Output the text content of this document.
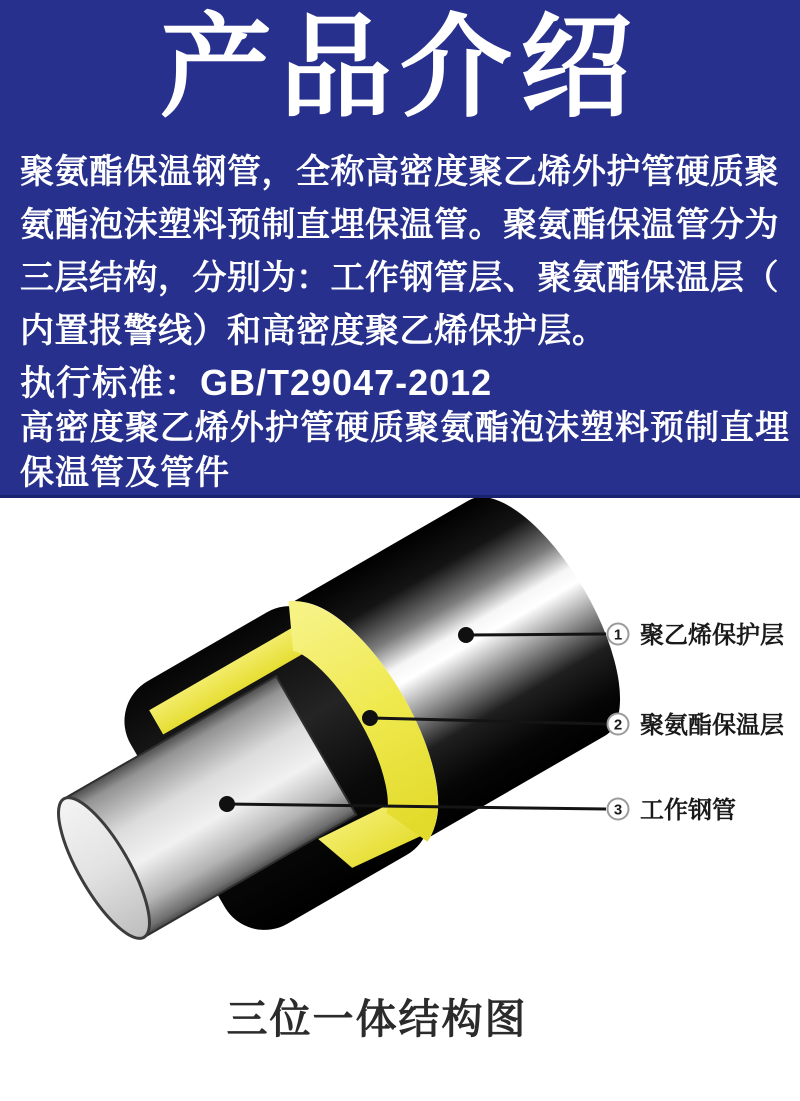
产品介绍
聚氨酯保温钢管，全称高密度聚乙烯外护管硬质聚
氨酯泡沫塑料预制直埋保温管。聚氨酯保温管分为
三层结构，分别为：工作钢管层、聚氨酯保温层（
内置报警线）和高密度聚乙烯保护层。
执行标准：GB/T29047-2012
高密度聚乙烯外护管硬质聚氨酯泡沫塑料预制直埋
保温管及管件
1 聚乙烯保护层
2 聚氨酯保温层
3 工作钢管
三位一体结构图
